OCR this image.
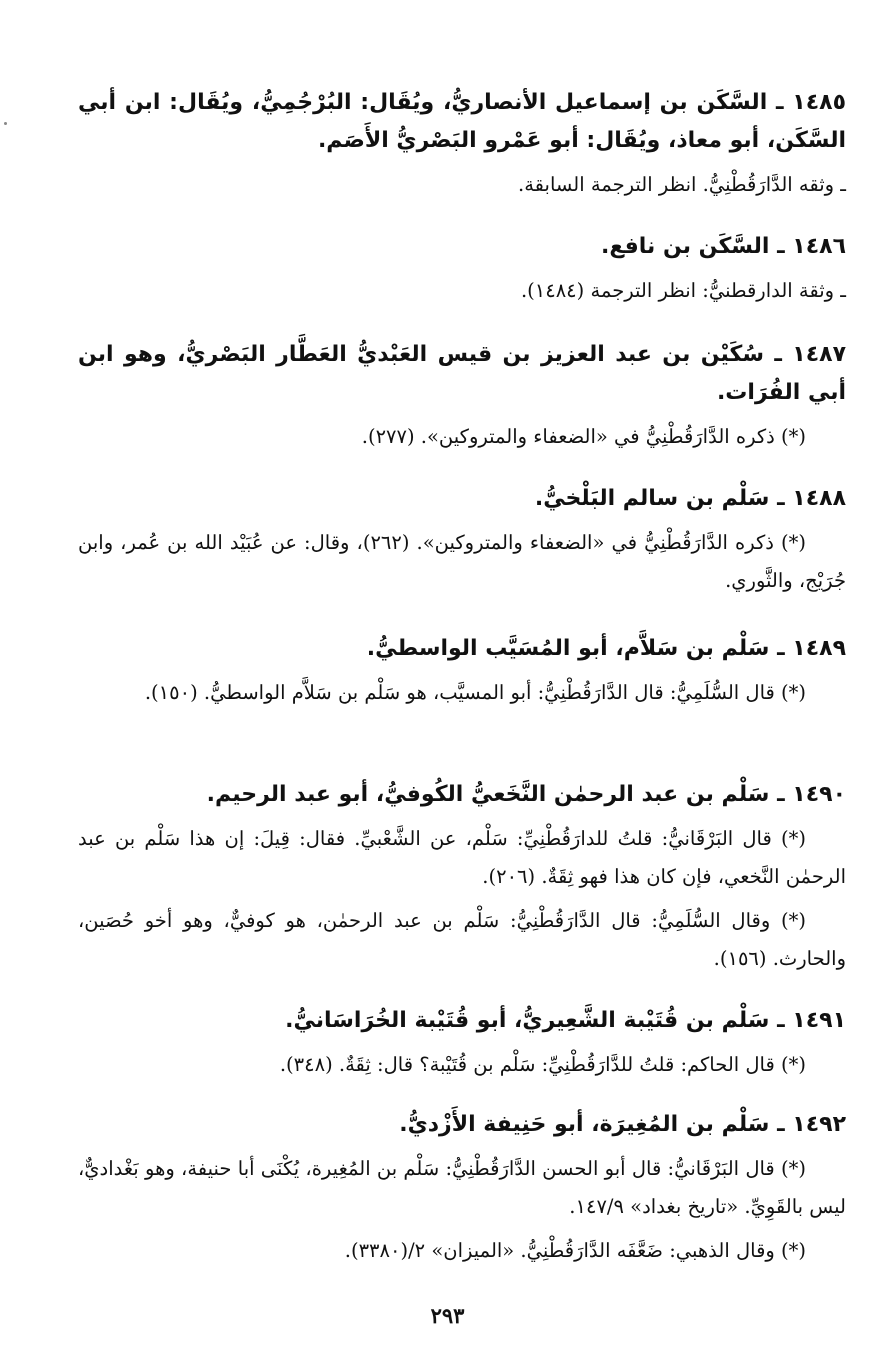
١٤٨٥ ـ السَّكَن بن إسماعيل الأنصاريُّ، ويُقَال: البُرْجُمِيُّ، ويُقَال: ابن أبي السَّكَن، أبو معاذ، ويُقَال: أبو عَمْرو البَصْريُّ الأَصَم.

ـ وثقه الدَّارَقُطْنِيُّ. انظر الترجمة السابقة.

١٤٨٦ ـ السَّكَن بن نافع.

ـ وثقة الدارقطنيُّ: انظر الترجمة (١٤٨٤).

١٤٨٧ ـ سُكَيْن بن عبد العزيز بن قيس العَبْديُّ العَطَّار البَصْريُّ، وهو ابن أبي الفُرَات.

(*) ذكره الدَّارَقُطْنِيُّ في «الضعفاء والمتروكين». (٢٧٧).

١٤٨٨ ـ سَلْم بن سالم البَلْخيُّ.

(*) ذكره الدَّارَقُطْنِيُّ في «الضعفاء والمتروكين». (٢٦٢)، وقال: عن عُبَيْد الله بن عُمر، وابن جُرَيْج، والثَّوري.

١٤٨٩ ـ سَلْم بن سَلاَّم، أبو المُسَيَّب الواسطيُّ.

(*) قال السُّلَمِيُّ: قال الدَّارَقُطْنِيُّ: أبو المسيَّب، هو سَلْم بن سَلاَّم الواسطيُّ. (١٥٠).

١٤٩٠ ـ سَلْم بن عبد الرحمٰن النَّخَعيُّ الكُوفيُّ، أبو عبد الرحيم.

(*) قال البَرْقَانيُّ: قلتُ للدارَقُطْنِيِّ: سَلْم، عن الشَّعْبيِّ. فقال: قِيلَ: إن هذا سَلْم بن عبد الرحمٰن النَّخعي، فإن كان هذا فهو ثِقَةٌ. (٢٠٦).

(*) وقال السُّلَمِيُّ: قال الدَّارَقُطْنِيُّ: سَلْم بن عبد الرحمٰن، هو كوفيٌّ، وهو أخو حُصَين، والحارث. (١٥٦).

١٤٩١ ـ سَلْم بن قُتَيْبة الشَّعِيريُّ، أبو قُتَيْبة الخُرَاسَانيُّ.

(*) قال الحاكم: قلتُ للدَّارَقُطْنِيِّ: سَلْم بن قُتَيْبة؟ قال: ثِقَةٌ. (٣٤٨).

١٤٩٢ ـ سَلْم بن المُغِيرَة، أبو حَنِيفة الأَزْديُّ.

(*) قال البَرْقَانيُّ: قال أبو الحسن الدَّارَقُطْنِيُّ: سَلْم بن المُغِيرة، يُكْنَى أبا حنيفة، وهو بَغْداديٌّ، ليس بالقَوِيِّ. «تاريخ بغداد» ١٤٧/٩.

(*) وقال الذهبي: ضَعَّفَه الدَّارَقُطْنِيُّ. «الميزان» ٢/(٣٣٨٠).

٢٩٣
